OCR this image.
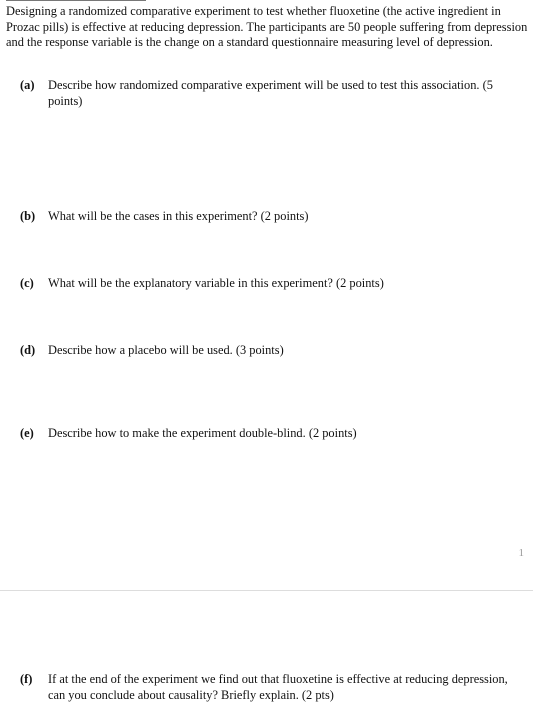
Designing a randomized comparative experiment to test whether fluoxetine (the active ingredient in Prozac pills) is effective at reducing depression. The participants are 50 people suffering from depression and the response variable is the change on a standard questionnaire measuring level of depression.

(a)	Describe how randomized comparative experiment will be used to test this association. (5 points)
(b)	What will be the cases in this experiment? (2 points)
(c)	What will be the explanatory variable in this experiment? (2 points)
(d)	Describe how a placebo will be used. (3 points)
(e)	Describe how to make the experiment double-blind. (2 points)
1
(f)	If at the end of the experiment we find out that fluoxetine is effective at reducing depression, can you conclude about causality? Briefly explain. (2 pts)
